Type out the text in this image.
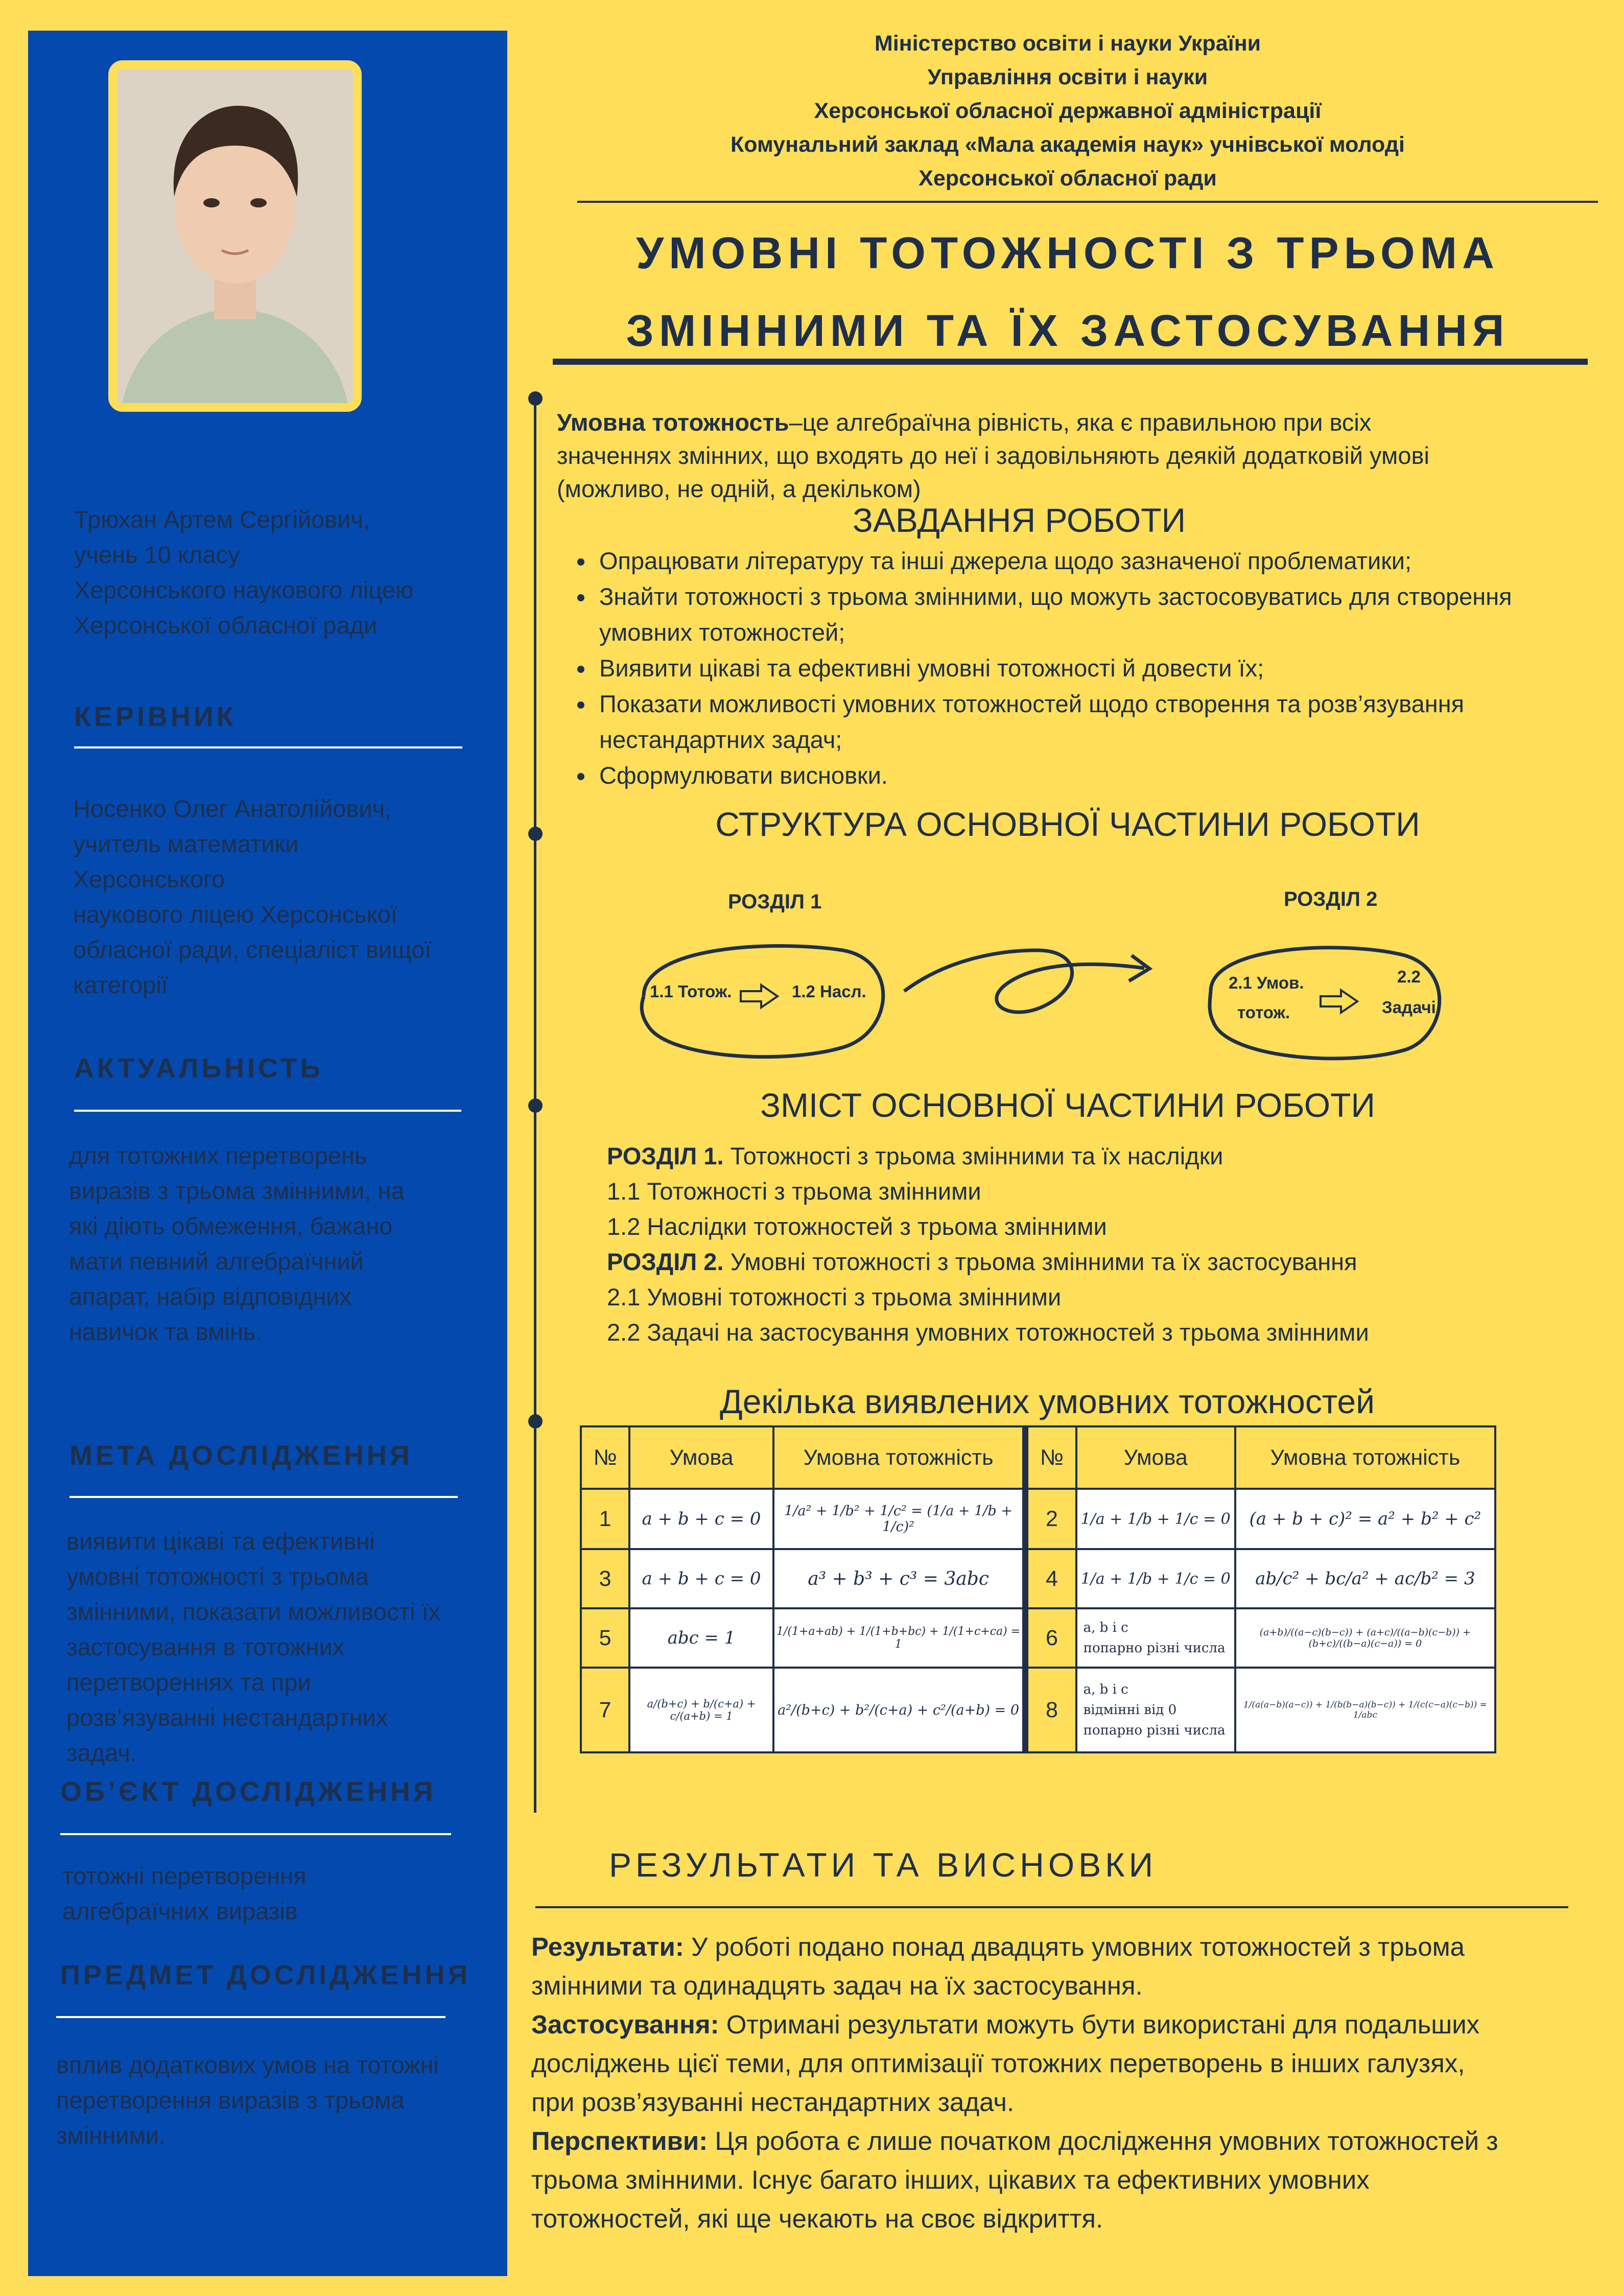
Трюхан Артем Сергійович,
учень 10 класу
Херсонського наукового ліцею
Херсонської обласної ради
КЕРІВНИК
Носенко Олег Анатолійович,
учитель математики
Херсонського
наукового ліцею Херсонської
обласної ради, спеціаліст вищої
категорії
АКТУАЛЬНІСТЬ
для тотожних перетворень
виразів з трьома змінними, на
які діють обмеження, бажано
мати певний алгебраїчний
апарат, набір відповідних
навичок та вмінь.
МЕТА ДОСЛІДЖЕННЯ
виявити цікаві та ефективні
умовні тотожності з трьома
змінними, показати можливості їх
застосування в тотожних
перетвореннях та при
розв’язуванні нестандартних
задач.
ОБ’ЄКТ ДОСЛІДЖЕННЯ
тотожні перетворення
алгебраїчних виразів
ПРЕДМЕТ ДОСЛІДЖЕННЯ
вплив додаткових умов на тотожні
перетворення виразів з трьома
змінними.
Міністерство освіти і науки України
Управління освіти і науки
Херсонської обласної державної адміністрації
Комунальний заклад «Мала академія наук» учнівської молоді
Херсонської обласної ради
УМОВНІ ТОТОЖНОСТІ З ТРЬОМА
ЗМІННИМИ ТА ЇХ ЗАСТОСУВАННЯ
Умовна тотожность–це алгебраїчна рівність, яка є правильною при всіх
значеннях змінних, що входять до неї і задовільняють деякій додатковій умові
(можливо, не одній, а декільком)
ЗАВДАННЯ РОБОТИ
• Опрацювати літературу та інші джерела щодо зазначеної проблематики;
• Знайти тотожності з трьома змінними, що можуть застосовуватись для створення умовних тотожностей;
• Виявити цікаві та ефективні умовні тотожності й довести їх;
• Показати можливості умовних тотожностей щодо створення та розв’язування нестандартних задач;
• Сформулювати висновки.
СТРУКТУРА ОСНОВНОЇ ЧАСТИНИ РОБОТИ
РОЗДІЛ 1
1.1 Тотож.	1.2 Насл.
РОЗДІЛ 2
2.1 Умов.
тотож.
2.2
Задачі
ЗМІСТ ОСНОВНОЇ ЧАСТИНИ РОБОТИ
РОЗДІЛ 1. Тотожності з трьома змінними та їх наслідки
1.1 Тотожності з трьома змінними
1.2 Наслідки тотожностей з трьома змінними
РОЗДІЛ 2. Умовні тотожності з трьома змінними та їх застосування
2.1 Умовні тотожності з трьома змінними
2.2 Задачі на застосування умовних тотожностей з трьома змінними
Декілька виявлених умовних тотожностей
№	Умова	Умовна тотожність	№	Умова	Умовна тотожність
1	a + b + c = 0	1/a² + 1/b² + 1/c² = (1/a + 1/b + 1/c)²	2	1/a + 1/b + 1/c = 0	(a + b + c)² = a² + b² + c²
3	a + b + c = 0	a³ + b³ + c³ = 3abc	4	1/a + 1/b + 1/c = 0	ab/c² + bc/a² + ac/b² = 3
5	abc = 1	1/(1+a+ab) + 1/(1+b+bc) + 1/(1+c+ca) = 1	6	a, b і c
попарно різні числа	(a+b)/((a−c)(b−c)) + (a+c)/((a−b)(c−b)) + (b+c)/((b−a)(c−a)) = 0
7	a/(b+c) + b/(c+a) + c/(a+b) = 1	a²/(b+c) + b²/(c+a) + c²/(a+b) = 0	8	a, b і c
відмінні від 0
попарно різні числа	1/(a(a−b)(a−c)) + 1/(b(b−a)(b−c)) + 1/(c(c−a)(c−b)) = 1/abc
РЕЗУЛЬТАТИ ТА ВИСНОВКИ
Результати: У роботі подано понад двадцять умовних тотожностей з трьома
змінними та одинадцять задач на їх застосування.
Застосування: Отримані результати можуть бути використані для подальших
досліджень цієї теми, для оптимізації тотожних перетворень в інших галузях,
при розв’язуванні нестандартних задач.
Перспективи: Ця робота є лише початком дослідження умовних тотожностей з
трьома змінними. Існує багато інших, цікавих та ефективних умовних
тотожностей, які ще чекають на своє відкриття.
